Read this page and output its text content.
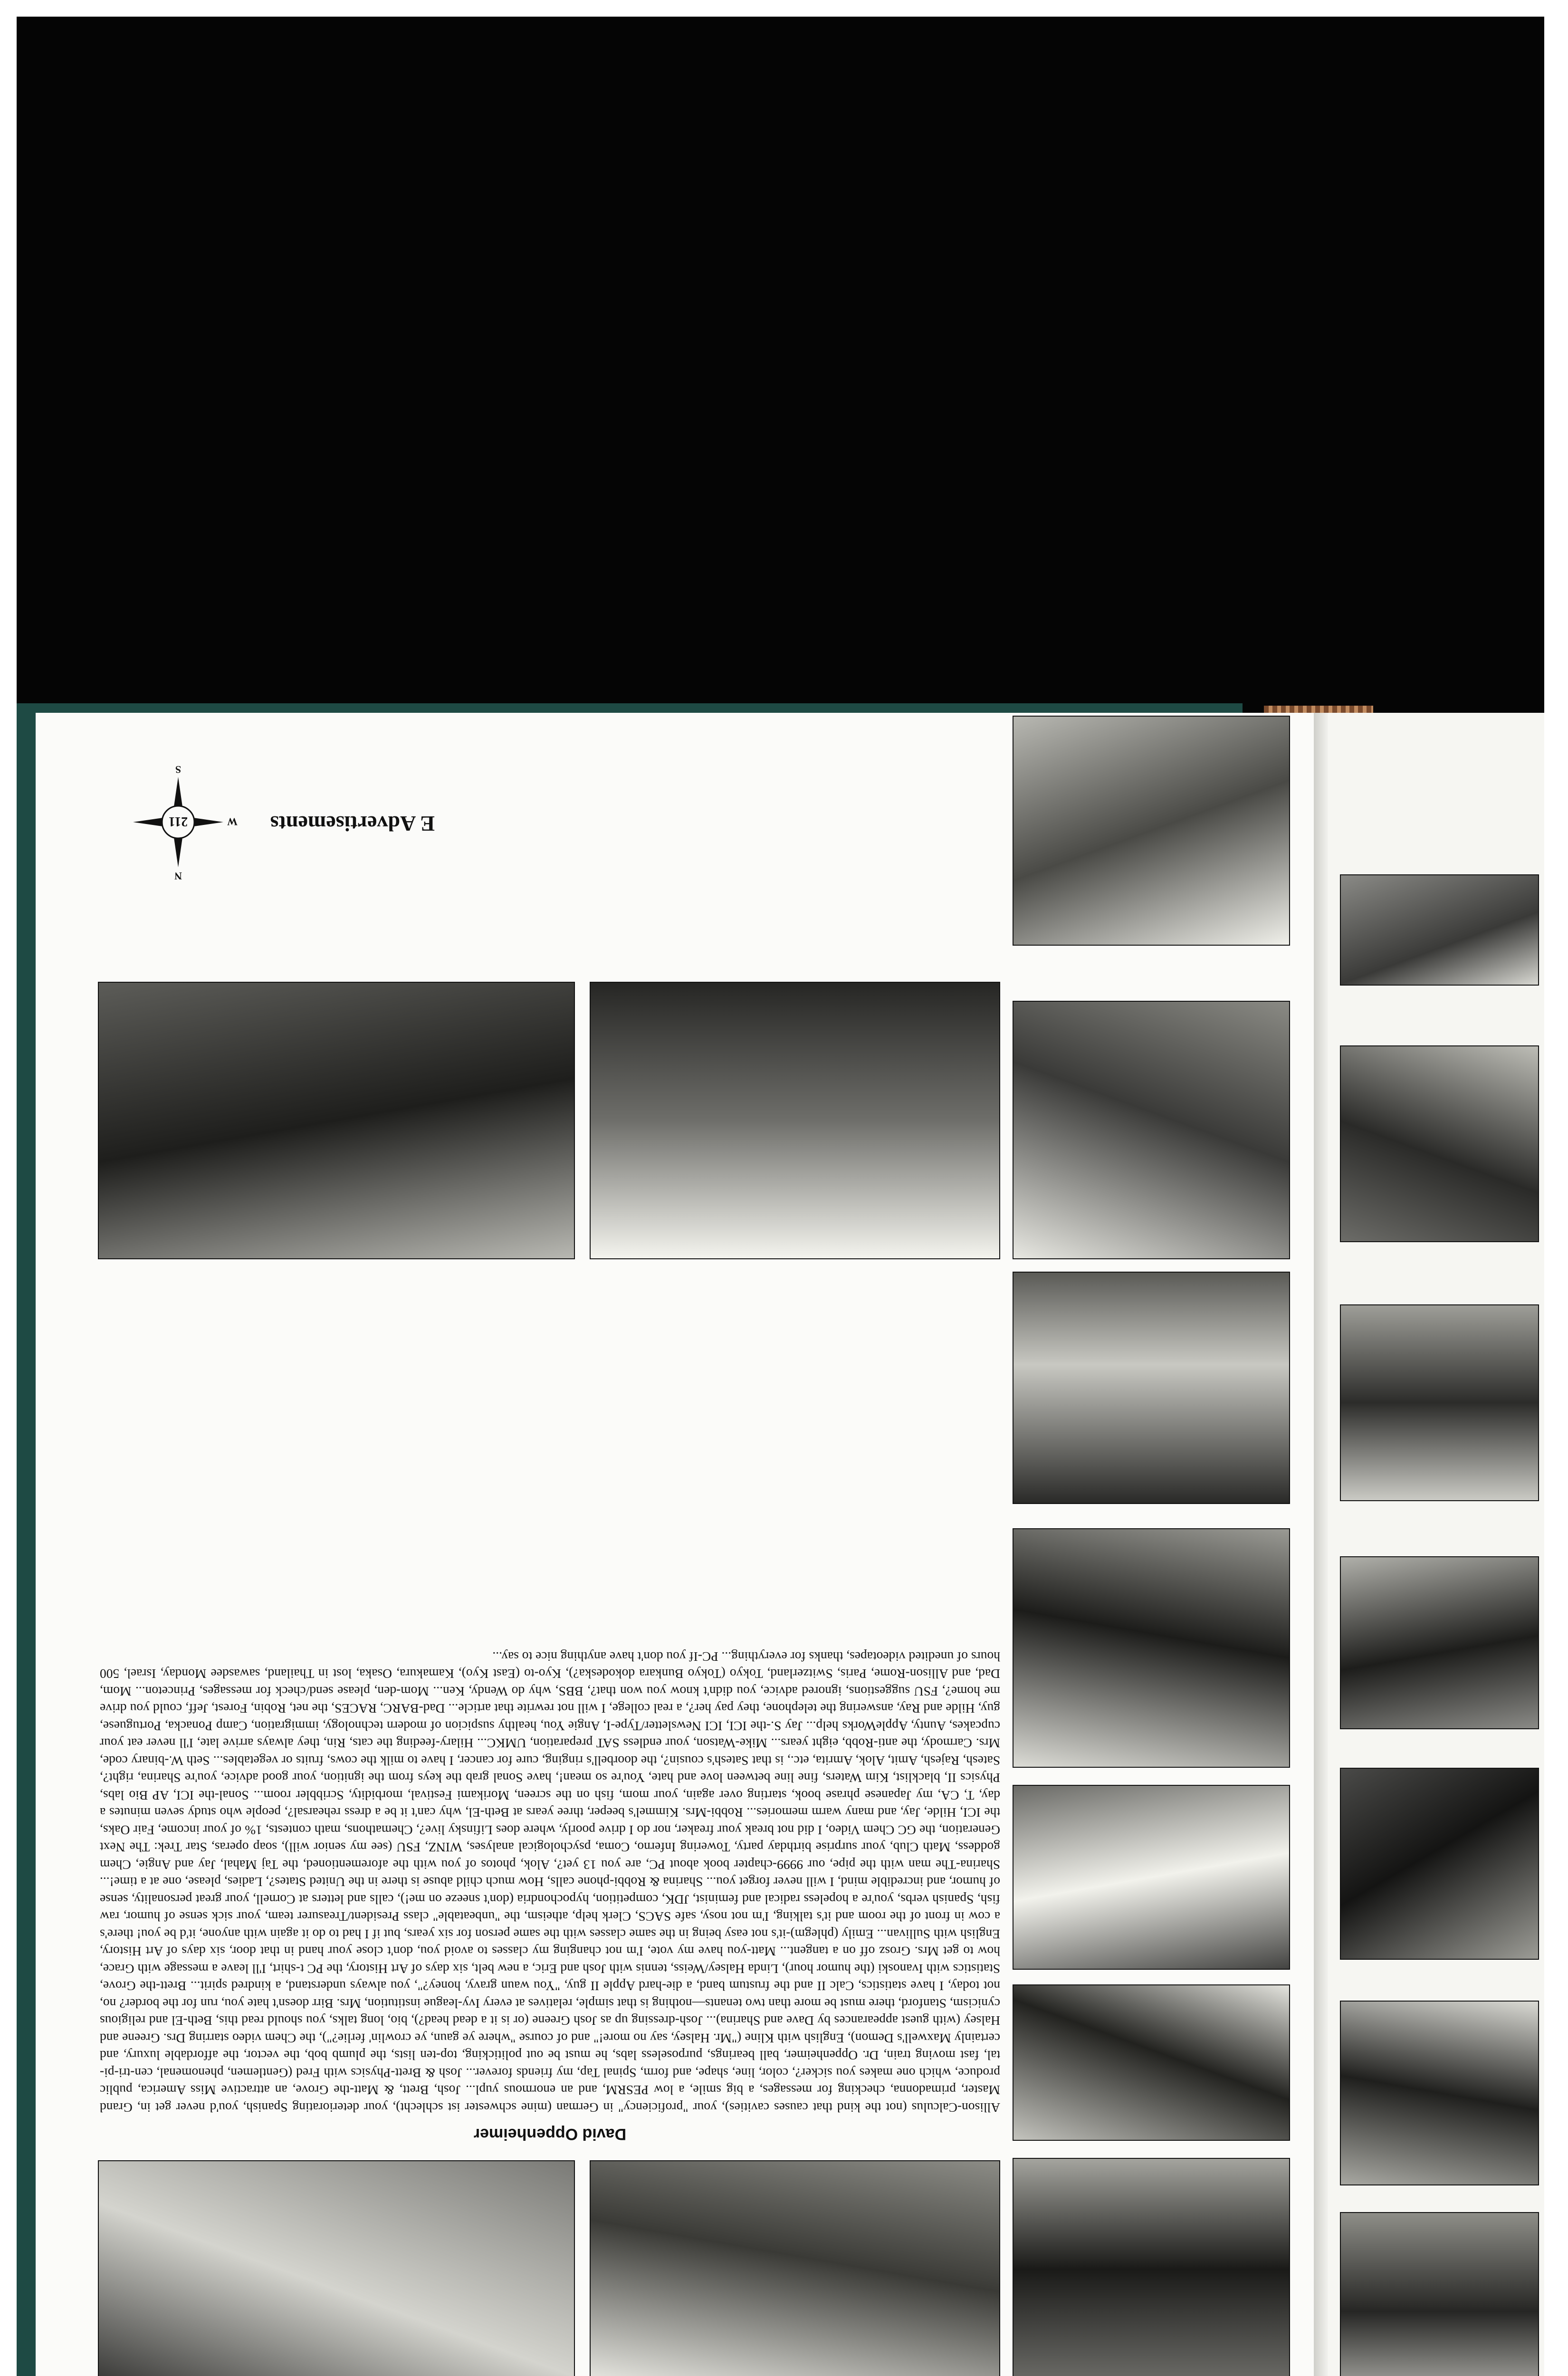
E Advertisements
211
N
S
W
David Oppenheimer

Allison-Calculus (not the kind that causes cavities), your "proficiency" in German (mine schwester ist schlecht), your deteriorating Spanish, you'd never get in, Grand Master, primadonna, checking for messages, a big smile, a low PESRM, and an enormous yupl... Josh, Brett, & Matt-the Grove, an attractive Miss America, public produce, which one makes you sicker?, color, line, shape, and form, Spinal Tap, my friends forever... Josh & Brett-Physics with Fred (Gentlemen, phenomenal, cen-tri-pi-tal, fast moving train, Dr. Oppenheimer, ball bearings, purposeless labs, he must be out politicking, top-ten lists, the plumb bob, the vector, the affordable luxury, and certainly Maxwell's Demon), English with Kline ("Mr. Halsey, say no more!" and of course "where ye gaun, ye crowlin' ferlie?"), the Chem video starring Drs. Greene and Halsey (with guest appearances by Dave and Sharina)... Josh-dressing up as Josh Greene (or is it a dead head?), bio, long talks, you should read this, Beth-El and religious cynicism, Stanford, there must be more than two tenants—nothing is that simple, relatives at every Ivy-league institution, Mrs. Birr doesn't hate you, run for the border? no, not today, I have statistics, Calc II and the frustum band, a die-hard Apple II guy, "You waun gravy, honey?", you always understand, a kindred spirit... Brett-the Grove, Statistics with Ivanoski (the humor hour), Linda Halsey/Weiss, tennis with Josh and Eric, a new belt, six days of Art History, the PC t-shirt, I'll leave a message with Grace, how to get Mrs. Grosz off on a tangent... Matt-you have my vote, I'm not changing my classes to avoid you, don't close your hand in that door, six days of Art History, English with Sullivan... Emily (phlegm)-it's not easy being in the same classes with the same person for six years, but if I had to do it again with anyone, it'd be you! there's a cow in front of the room and it's talking, I'm not nosy, safe SACS, Clerk help, atheism, the "unbeatable" class President/Treasurer team, your sick sense of humor, raw fish, Spanish verbs, you're a hopeless radical and feminist, JDK, competition, hypochondria (don't sneeze on me!), calls and letters at Cornell, your great personality, sense of humor, and incredible mind, I will never forget you... Sharina & Robbi-phone calls, How much child abuse is there in the United States?, Ladies, please, one at a time!... Sharina-The man with the pipe, our 9999-chapter book about PC, are you 13 yet?, Alok, photos of you with the aforementioned, the Taj Mahal, Jay and Angie, Chem goddess, Math Club, your surprise birthday party, Towering Inferno, Coma, psychological analyses, WINZ, FSU (see my senior will), soap operas, Star Trek: The Next Generation, the GC Chem Video, I did not break your freaker, nor do I drive poorly, where does Lifinsky live?, Chemathons, math contests, 1% of your income, Fair Oaks, the ICI, Hilde, Jay, and many warm memories... Robbi-Mrs. Kimmel's beeper, three years at Beth-El, why can't it be a dress rehearsal?, people who study seven minutes a day, T, CA, my Japanese phrase book, starting over again, your mom, fish on the screen, Morikami Festival, morbidity, Scribbler room... Sonal-the ICI, AP Bio labs, Physics II, blacklist, Kim Waters, fine line between love and hate, You're so mean!, have Sonal grab the keys from the ignition, your good advice, you're Sharina, right?, Satesh, Rajesh, Amit, Alok, Amrita, etc., is that Satesh's cousin?, the doorbell's ringing, cure for cancer, I have to milk the cows, fruits or vegetables... Seth W.-binary code, Mrs. Carmody, the anti-Robb, eight years... Mike-Watson, your endless SAT preparation, UMKC... Hilary-feeding the cats, Rin, they always arrive late, I'll never eat your cupcakes, Aunty, AppleWorks help... Jay S.-the ICI, ICI Newsletter/Type-I, Angie You, healthy suspicion of modern technology, immigration, Camp Ponacka, Portuguese, guy, Hilde and Ray, answering the telephone, they pay her?, a real college, I will not rewrite that article... Dad-BARC, RACES, the net, Robin, Forest, Jeff, could you drive me home?, FSU suggestions, ignored advice, you didn't know you won that?, BBS, why do Wendy, Ken... Mom-den, please send/check for messages, Princeton... Mom, Dad, and Allison-Rome, Paris, Switzerland, Tokyo (Tokyo Bunkara dokodeska?), Kyo-to (East Kyo), Kamakura, Osaka, lost in Thailand, sawasdee Monday, Israel, 500 hours of unedited videotapes, thanks for everything... PC-If you don't have anything nice to say...
